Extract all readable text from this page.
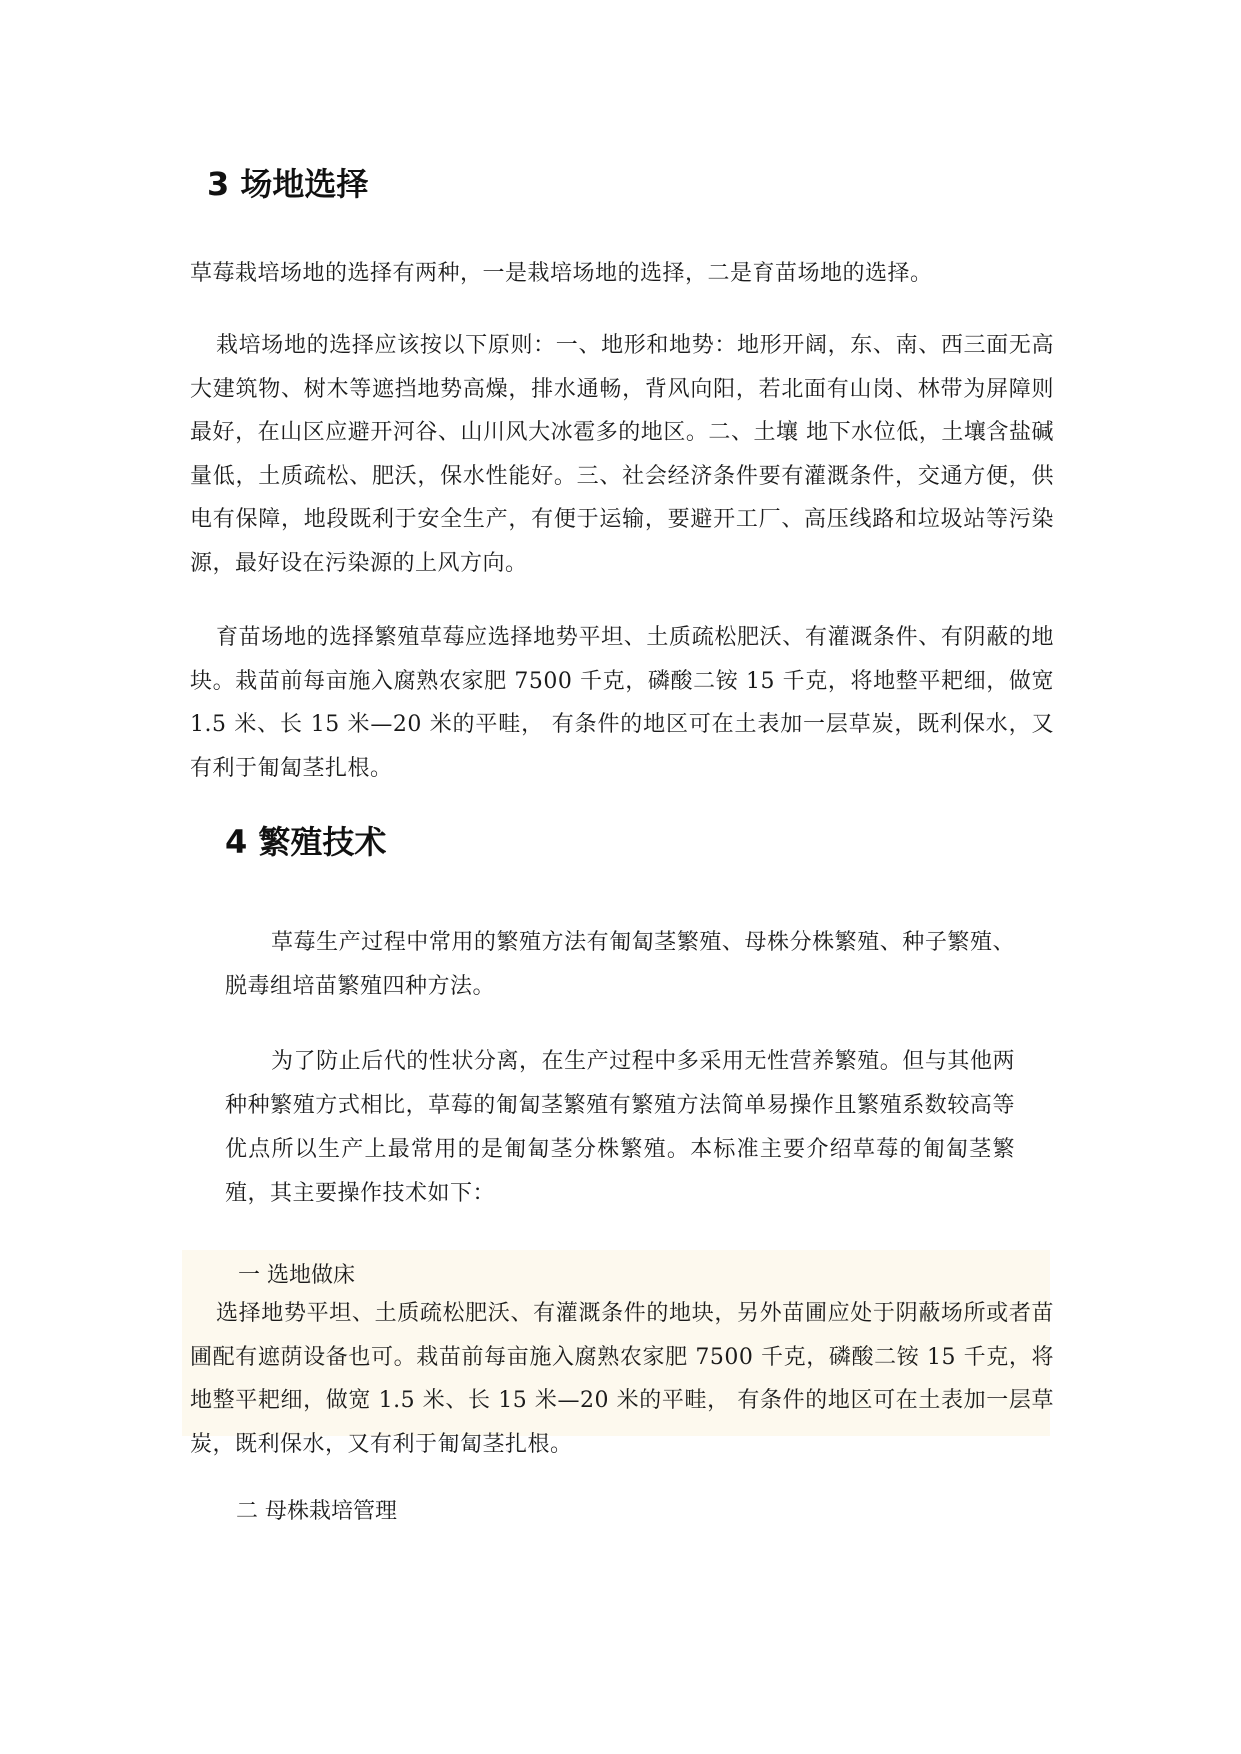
3 场地选择

草莓栽培场地的选择有两种，一是栽培场地的选择，二是育苗场地的选择。

栽培场地的选择应该按以下原则：一、地形和地势：地形开阔，东、南、西三面无高大建筑物、树木等遮挡地势高燥，排水通畅，背风向阳，若北面有山岗、林带为屏障则最好，在山区应避开河谷、山川风大冰雹多的地区。二、土壤 地下水位低，土壤含盐碱量低，土质疏松、肥沃，保水性能好。三、社会经济条件要有灌溉条件，交通方便，供电有保障，地段既利于安全生产，有便于运输，要避开工厂、高压线路和垃圾站等污染源，最好设在污染源的上风方向。

育苗场地的选择繁殖草莓应选择地势平坦、土质疏松肥沃、有灌溉条件、有阴蔽的地块。栽苗前每亩施入腐熟农家肥 7500 千克，磷酸二铵 15 千克，将地整平耙细，做宽 1.5 米、长 15 米—20 米的平畦， 有条件的地区可在土表加一层草炭，既利保水，又有利于匍匐茎扎根。

4 繁殖技术

草莓生产过程中常用的繁殖方法有匍匐茎繁殖、母株分株繁殖、种子繁殖、脱毒组培苗繁殖四种方法。

为了防止后代的性状分离，在生产过程中多采用无性营养繁殖。但与其他两种种繁殖方式相比，草莓的匍匐茎繁殖有繁殖方法简单易操作且繁殖系数较高等优点所以生产上最常用的是匍匐茎分株繁殖。本标准主要介绍草莓的匍匐茎繁殖，其主要操作技术如下：

一 选地做床

选择地势平坦、土质疏松肥沃、有灌溉条件的地块，另外苗圃应处于阴蔽场所或者苗圃配有遮荫设备也可。栽苗前每亩施入腐熟农家肥 7500 千克，磷酸二铵 15 千克，将地整平耙细，做宽 1.5 米、长 15 米—20 米的平畦， 有条件的地区可在土表加一层草炭，既利保水，又有利于匍匐茎扎根。

二 母株栽培管理
